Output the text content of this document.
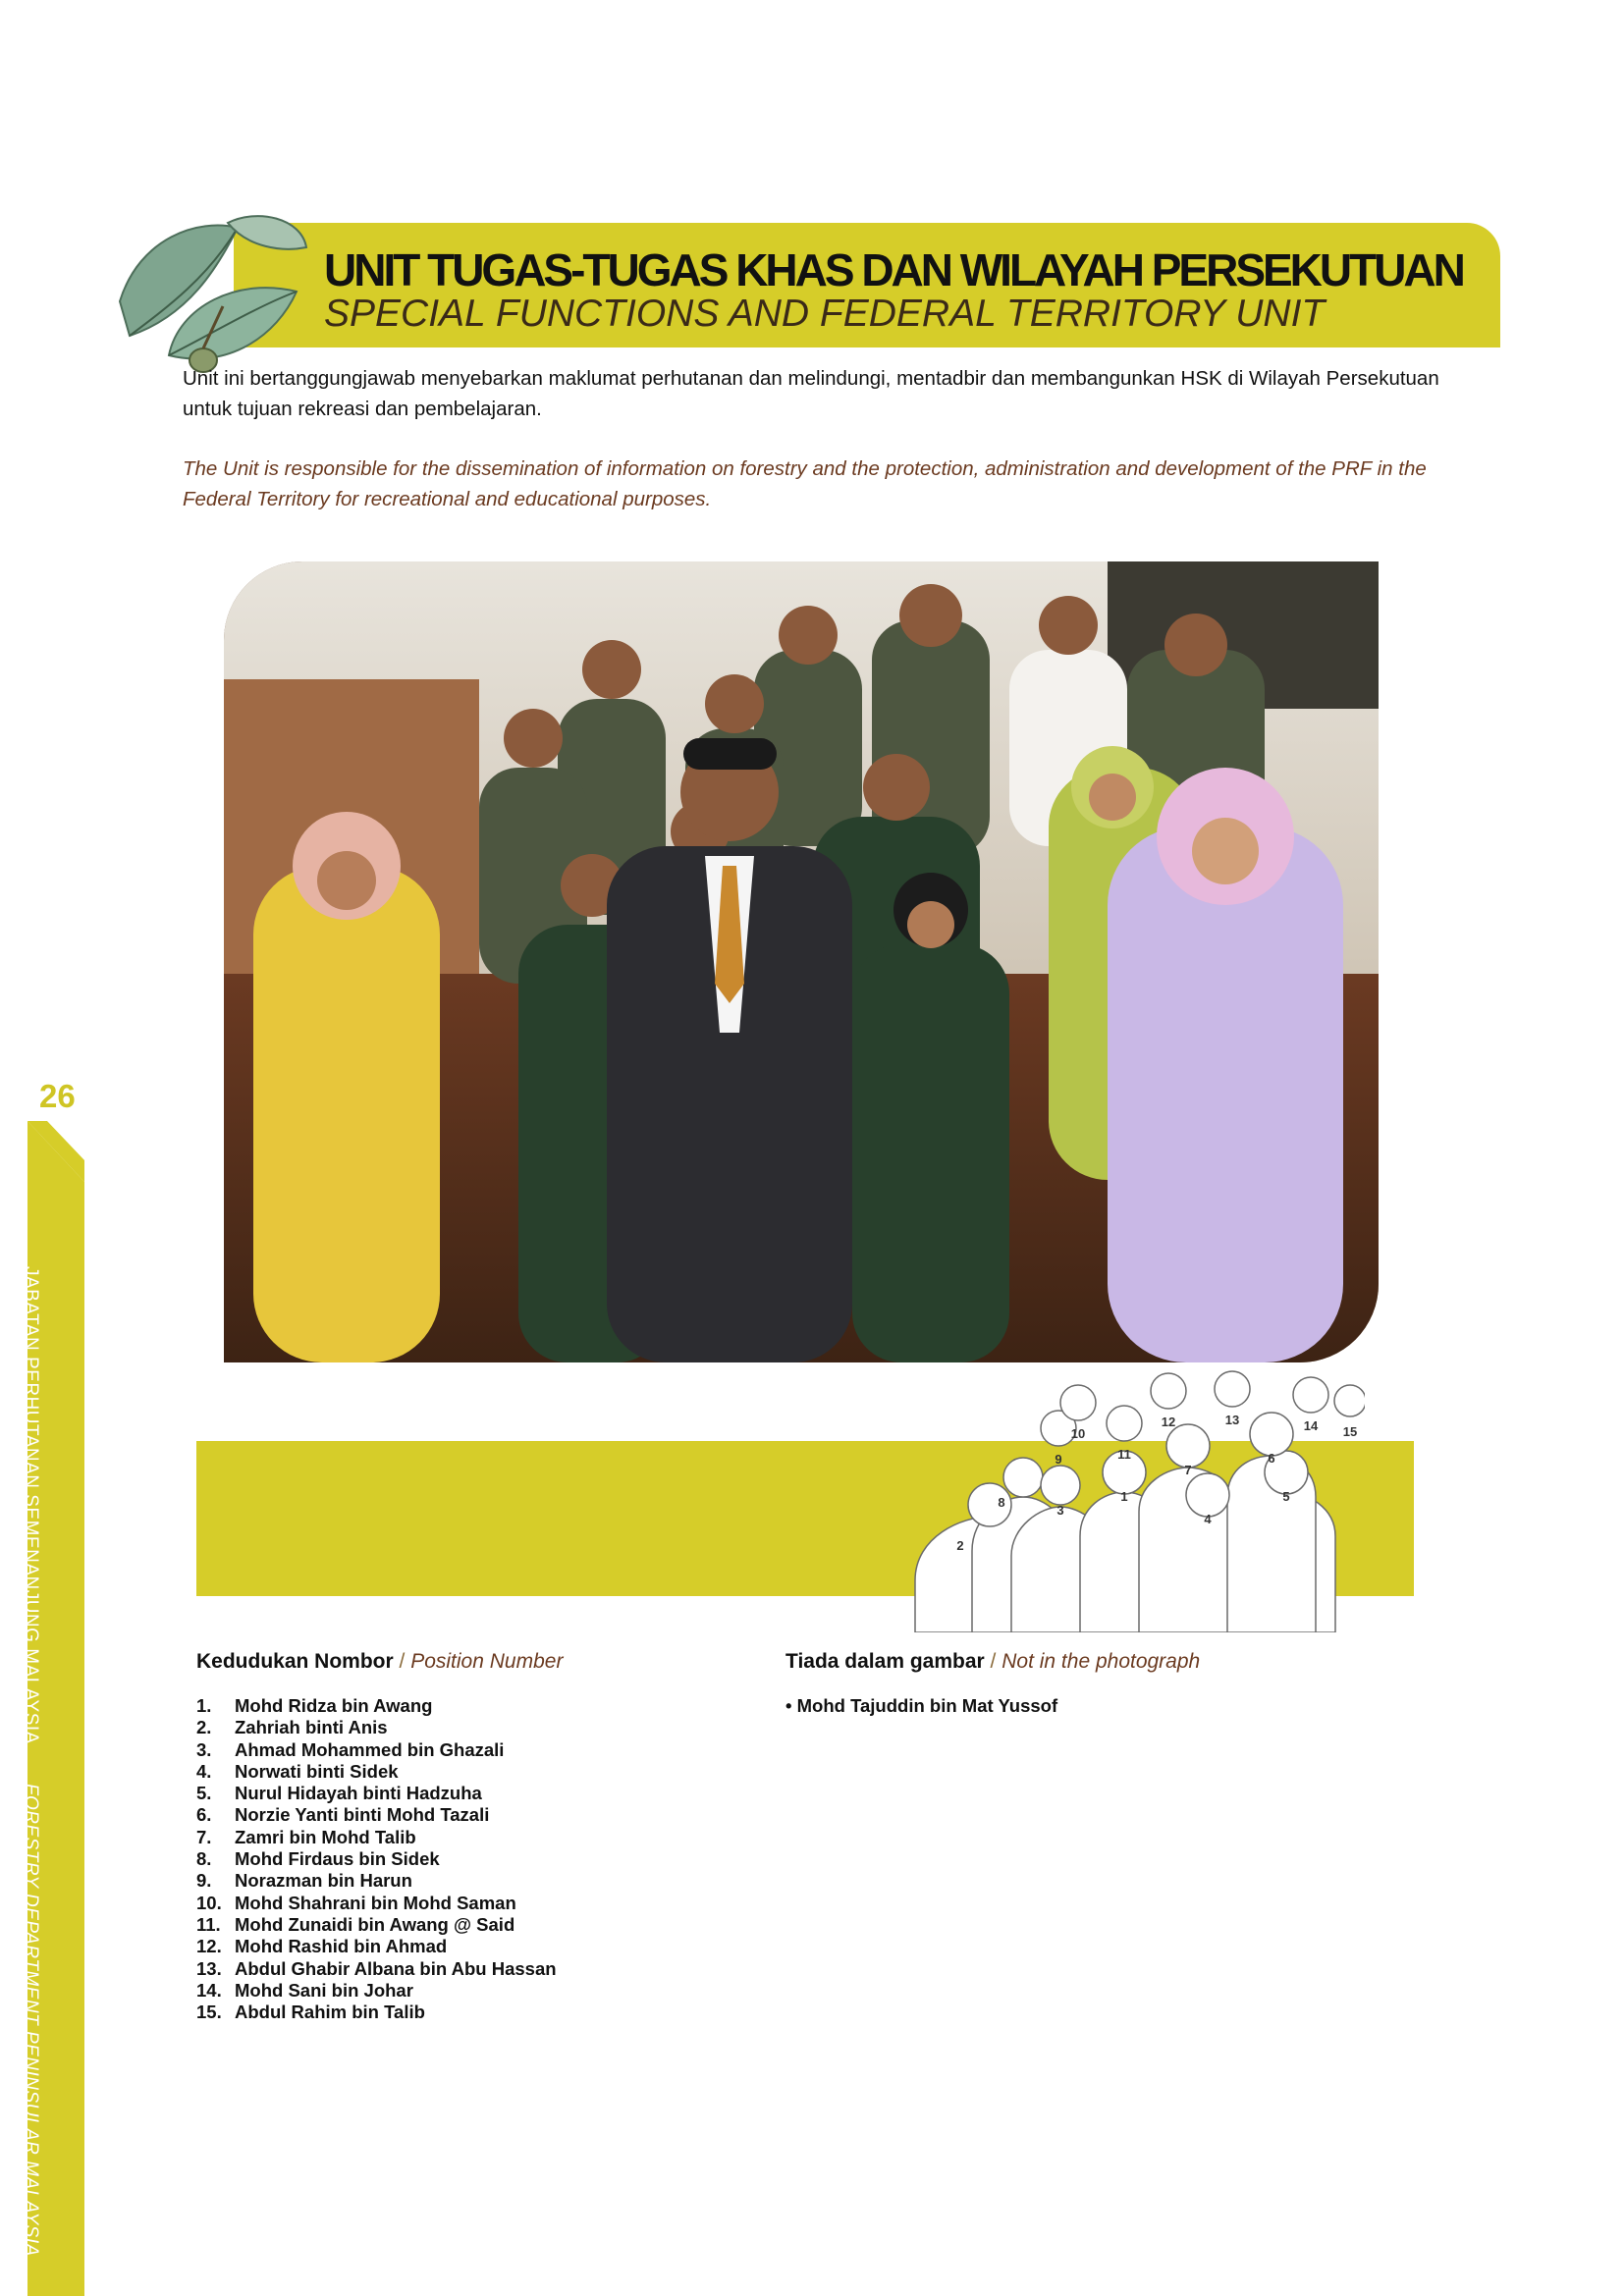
UNIT TUGAS-TUGAS KHAS DAN WILAYAH PERSEKUTUAN
SPECIAL FUNCTIONS AND FEDERAL TERRITORY UNIT
Unit ini bertanggungjawab menyebarkan maklumat perhutanan dan melindungi, mentadbir dan membangunkan HSK di Wilayah Persekutuan untuk tujuan rekreasi dan pembelajaran.
The Unit is responsible for the dissemination of information on forestry and the protection, administration and development of the PRF in the Federal Territory for recreational and educational purposes.
1
2
3
4
5
6
7
8
9
10
11
12	13	14 15
Kedudukan Nombor / Position Number
1. Mohd Ridza bin Awang
2. Zahriah binti Anis
3. Ahmad Mohammed bin Ghazali
4. Norwati binti Sidek
5. Nurul Hidayah binti Hadzuha
6. Norzie Yanti binti Mohd Tazali
7. Zamri bin Mohd Talib
8. Mohd Firdaus bin Sidek
9. Norazman bin Harun
10. Mohd Shahrani bin Mohd Saman
11. Mohd Zunaidi bin Awang @ Said
12. Mohd Rashid bin Ahmad
13. Abdul Ghabir Albana bin Abu Hassan
14. Mohd Sani bin Johar
15. Abdul Rahim bin Talib
Tiada dalam gambar / Not in the photograph
• Mohd Tajuddin bin Mat Yussof
26
JABATAN PERHUTANAN SEMENANJUNG MALAYSIAFORESTRY DEPARTMENT PENINSULAR MALAYSIA
